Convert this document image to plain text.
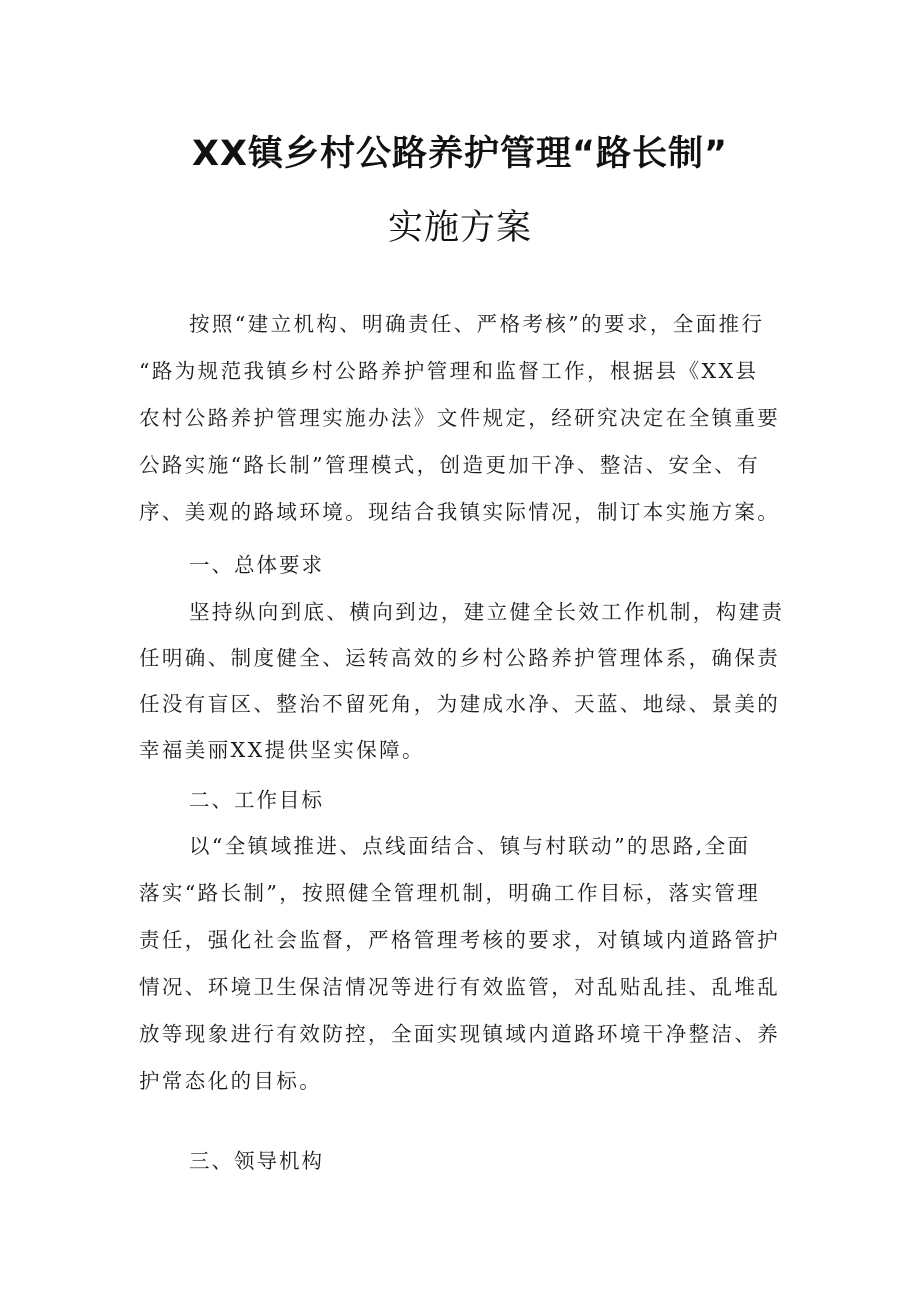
XX镇乡村公路养护管理“路长制”
实施方案
按照“建立机构、明确责任、严格考核”的要求，全面推行
“路为规范我镇乡村公路养护管理和监督工作，根据县《XX县
农村公路养护管理实施办法》文件规定，经研究决定在全镇重要
公路实施“路长制”管理模式，创造更加干净、整洁、安全、有
序、美观的路域环境。现结合我镇实际情况，制订本实施方案。
一、总体要求
坚持纵向到底、横向到边，建立健全长效工作机制，构建责
任明确、制度健全、运转高效的乡村公路养护管理体系，确保责
任没有盲区、整治不留死角，为建成水净、天蓝、地绿、景美的
幸福美丽XX提供坚实保障。
二、工作目标
以“全镇域推进、点线面结合、镇与村联动”的思路,全面
落实“路长制”，按照健全管理机制，明确工作目标，落实管理
责任，强化社会监督，严格管理考核的要求，对镇域内道路管护
情况、环境卫生保洁情况等进行有效监管，对乱贴乱挂、乱堆乱
放等现象进行有效防控，全面实现镇域内道路环境干净整洁、养
护常态化的目标。
三、领导机构
